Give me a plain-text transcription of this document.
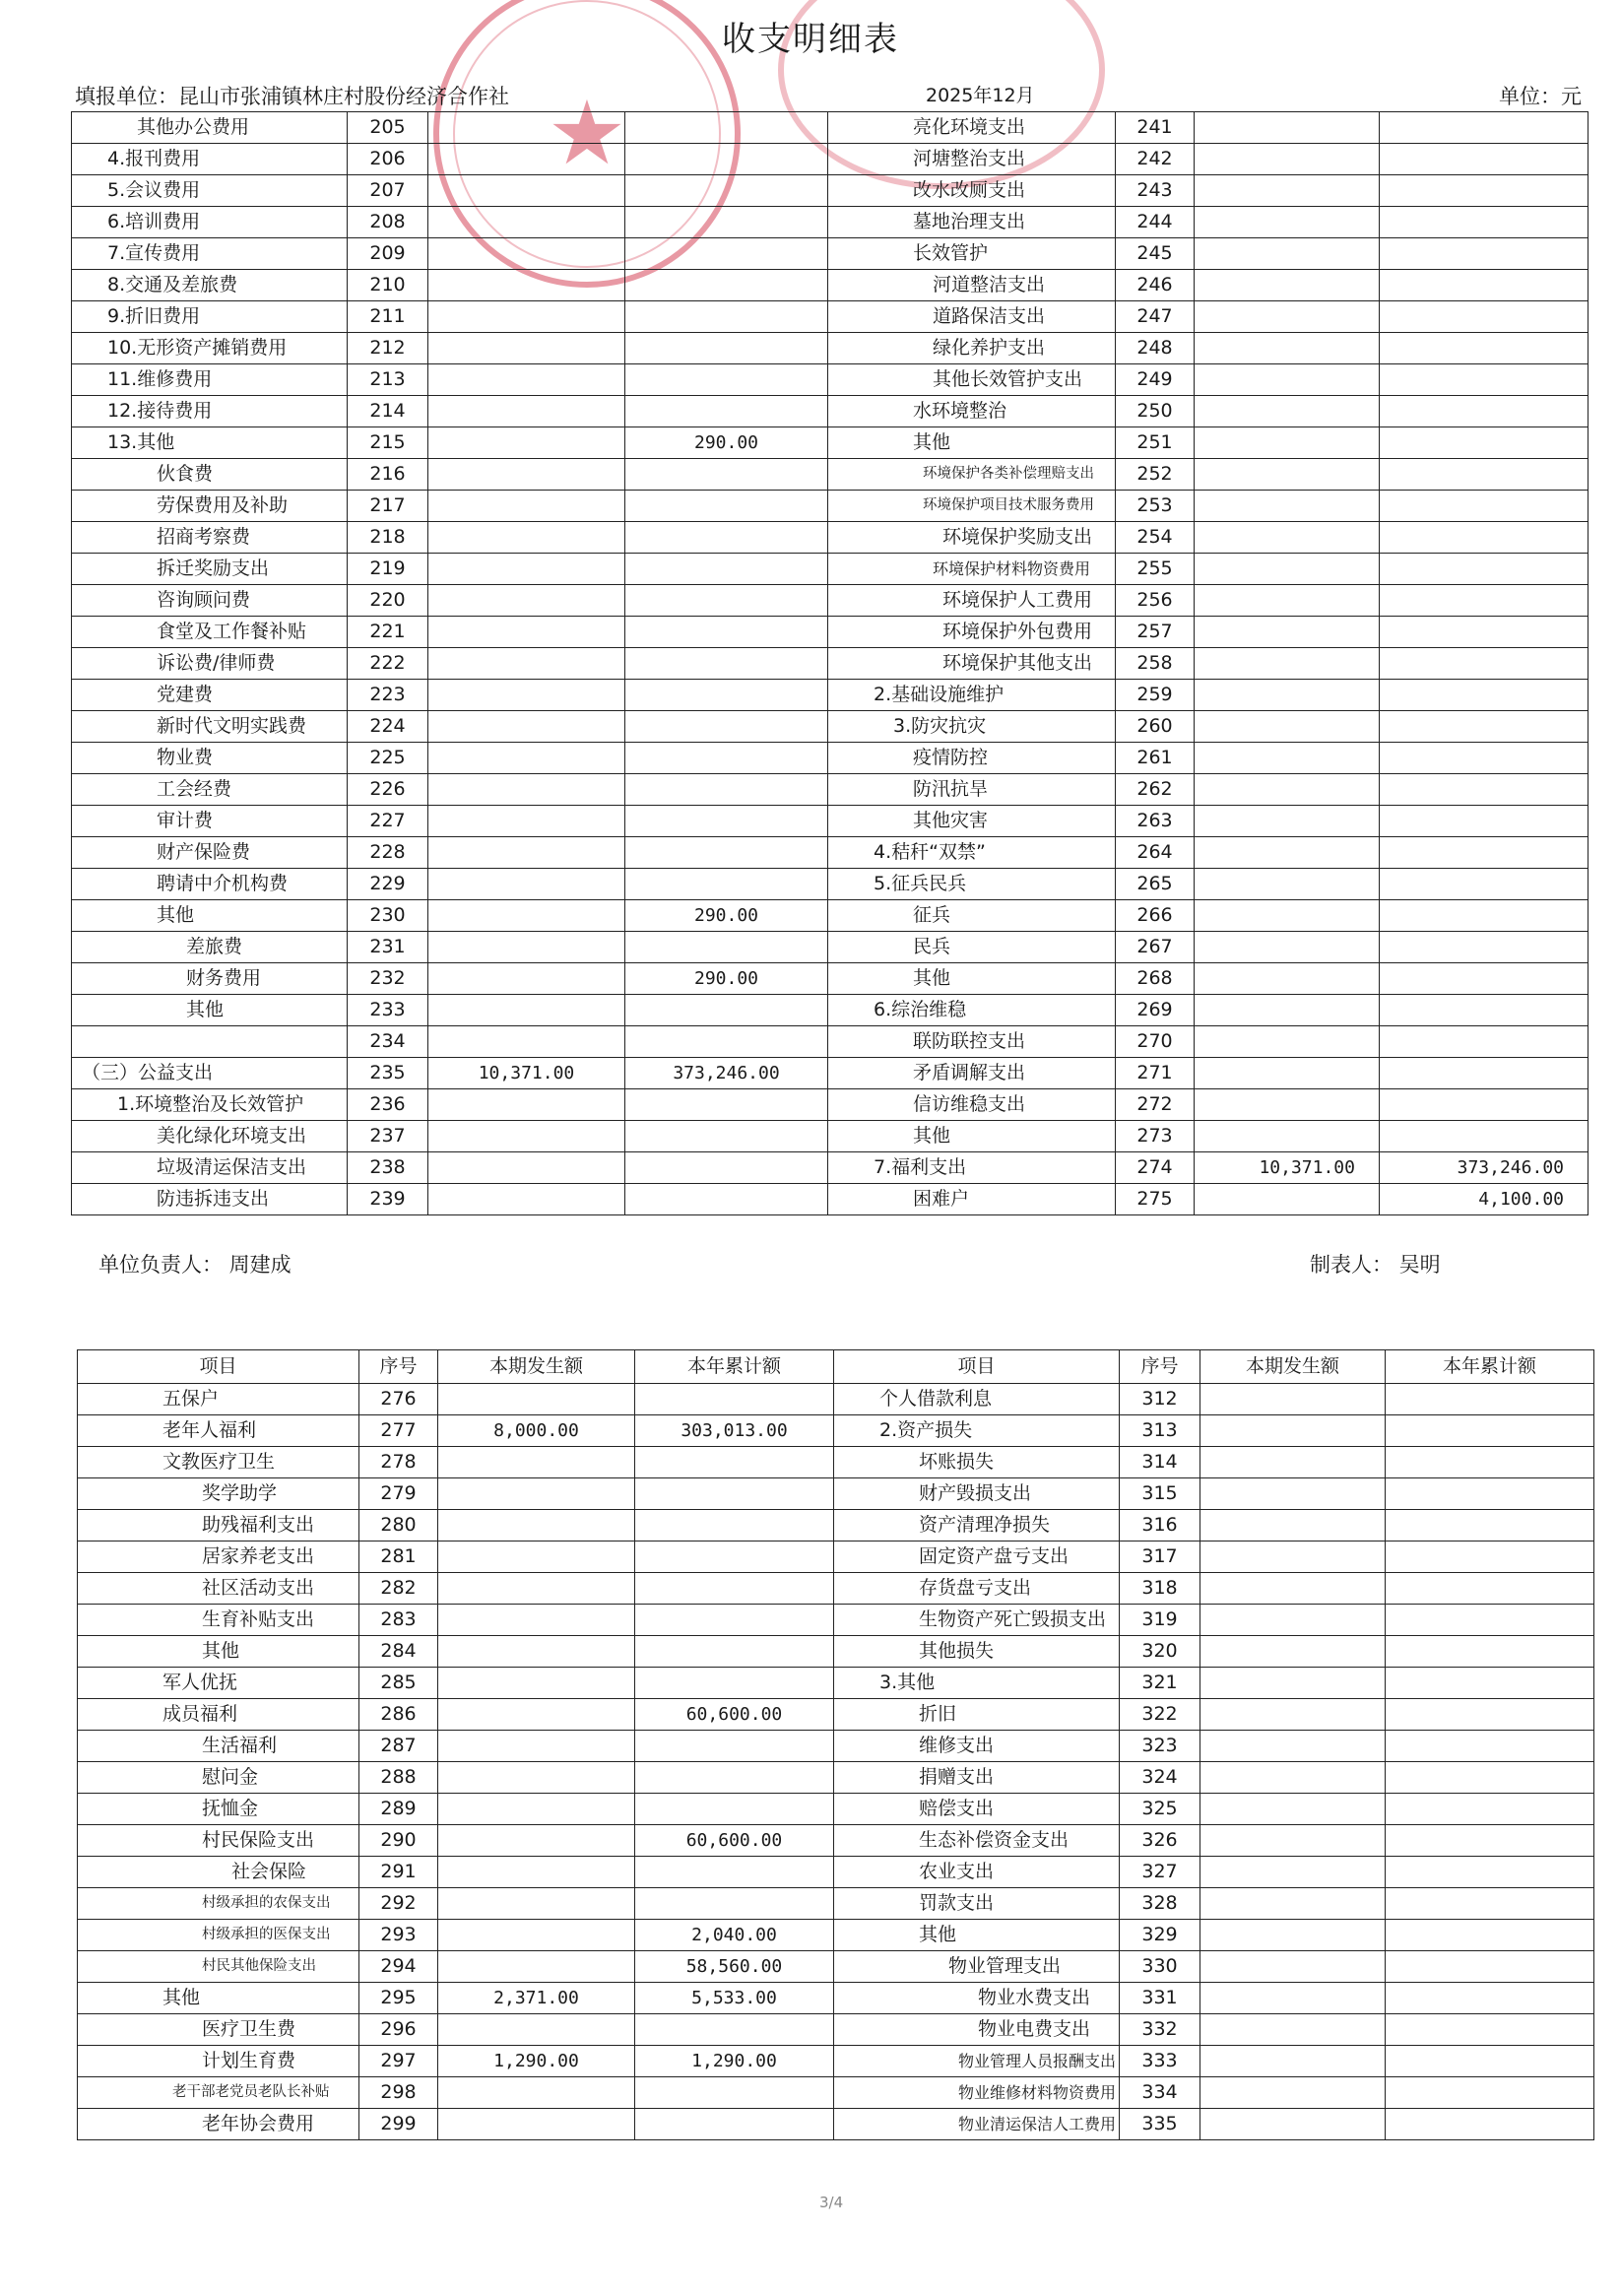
★
收支明细表
填报单位：昆山市张浦镇林庄村股份经济合作社	2025年12月	单位：元
其他办公费用	205			亮化环境支出	241		
4.报刊费用	206			河塘整治支出	242		
5.会议费用	207			改水改厕支出	243		
6.培训费用	208			墓地治理支出	244		
7.宣传费用	209			长效管护	245		
8.交通及差旅费	210			河道整洁支出	246		
9.折旧费用	211			道路保洁支出	247		
10.无形资产摊销费用	212			绿化养护支出	248		
11.维修费用	213			其他长效管护支出	249		
12.接待费用	214			水环境整治	250		
13.其他	215		290.00	其他	251		
伙食费	216			环境保护各类补偿理赔支出	252		
劳保费用及补助	217			环境保护项目技术服务费用	253		
招商考察费	218			环境保护奖励支出	254		
拆迁奖励支出	219			环境保护材料物资费用	255		
咨询顾问费	220			环境保护人工费用	256		
食堂及工作餐补贴	221			环境保护外包费用	257		
诉讼费/律师费	222			环境保护其他支出	258		
党建费	223			2.基础设施维护	259		
新时代文明实践费	224			3.防灾抗灾	260		
物业费	225			疫情防控	261		
工会经费	226			防汛抗旱	262		
审计费	227			其他灾害	263		
财产保险费	228			4.秸秆“双禁”	264		
聘请中介机构费	229			5.征兵民兵	265		
其他	230		290.00	征兵	266		
差旅费	231			民兵	267		
财务费用	232		290.00	其他	268		
其他	233			6.综治维稳	269		
	234			联防联控支出	270		
（三）公益支出	235	10,371.00	373,246.00	矛盾调解支出	271		
1.环境整治及长效管护	236			信访维稳支出	272		
美化绿化环境支出	237			其他	273		
垃圾清运保洁支出	238			7.福利支出	274	10,371.00	373,246.00
防违拆违支出	239			困难户	275		4,100.00
单位负责人： 周建成	制表人： 吴明
项目	序号	本期发生额	本年累计额	项目	序号	本期发生额	本年累计额
五保户	276			个人借款利息	312		
老年人福利	277	8,000.00	303,013.00	2.资产损失	313		
文教医疗卫生	278			坏账损失	314		
奖学助学	279			财产毁损支出	315		
助残福利支出	280			资产清理净损失	316		
居家养老支出	281			固定资产盘亏支出	317		
社区活动支出	282			存货盘亏支出	318		
生育补贴支出	283			生物资产死亡毁损支出	319		
其他	284			其他损失	320		
军人优抚	285			3.其他	321		
成员福利	286		60,600.00	折旧	322		
生活福利	287			维修支出	323		
慰问金	288			捐赠支出	324		
抚恤金	289			赔偿支出	325		
村民保险支出	290		60,600.00	生态补偿资金支出	326		
社会保险	291			农业支出	327		
村级承担的农保支出	292			罚款支出	328		
村级承担的医保支出	293		2,040.00	其他	329		
村民其他保险支出	294		58,560.00	物业管理支出	330		
其他	295	2,371.00	5,533.00	物业水费支出	331		
医疗卫生费	296			物业电费支出	332		
计划生育费	297	1,290.00	1,290.00	物业管理人员报酬支出	333		
老干部老党员老队长补贴	298			物业维修材料物资费用	334		
老年协会费用	299			物业清运保洁人工费用	335		
3/4
